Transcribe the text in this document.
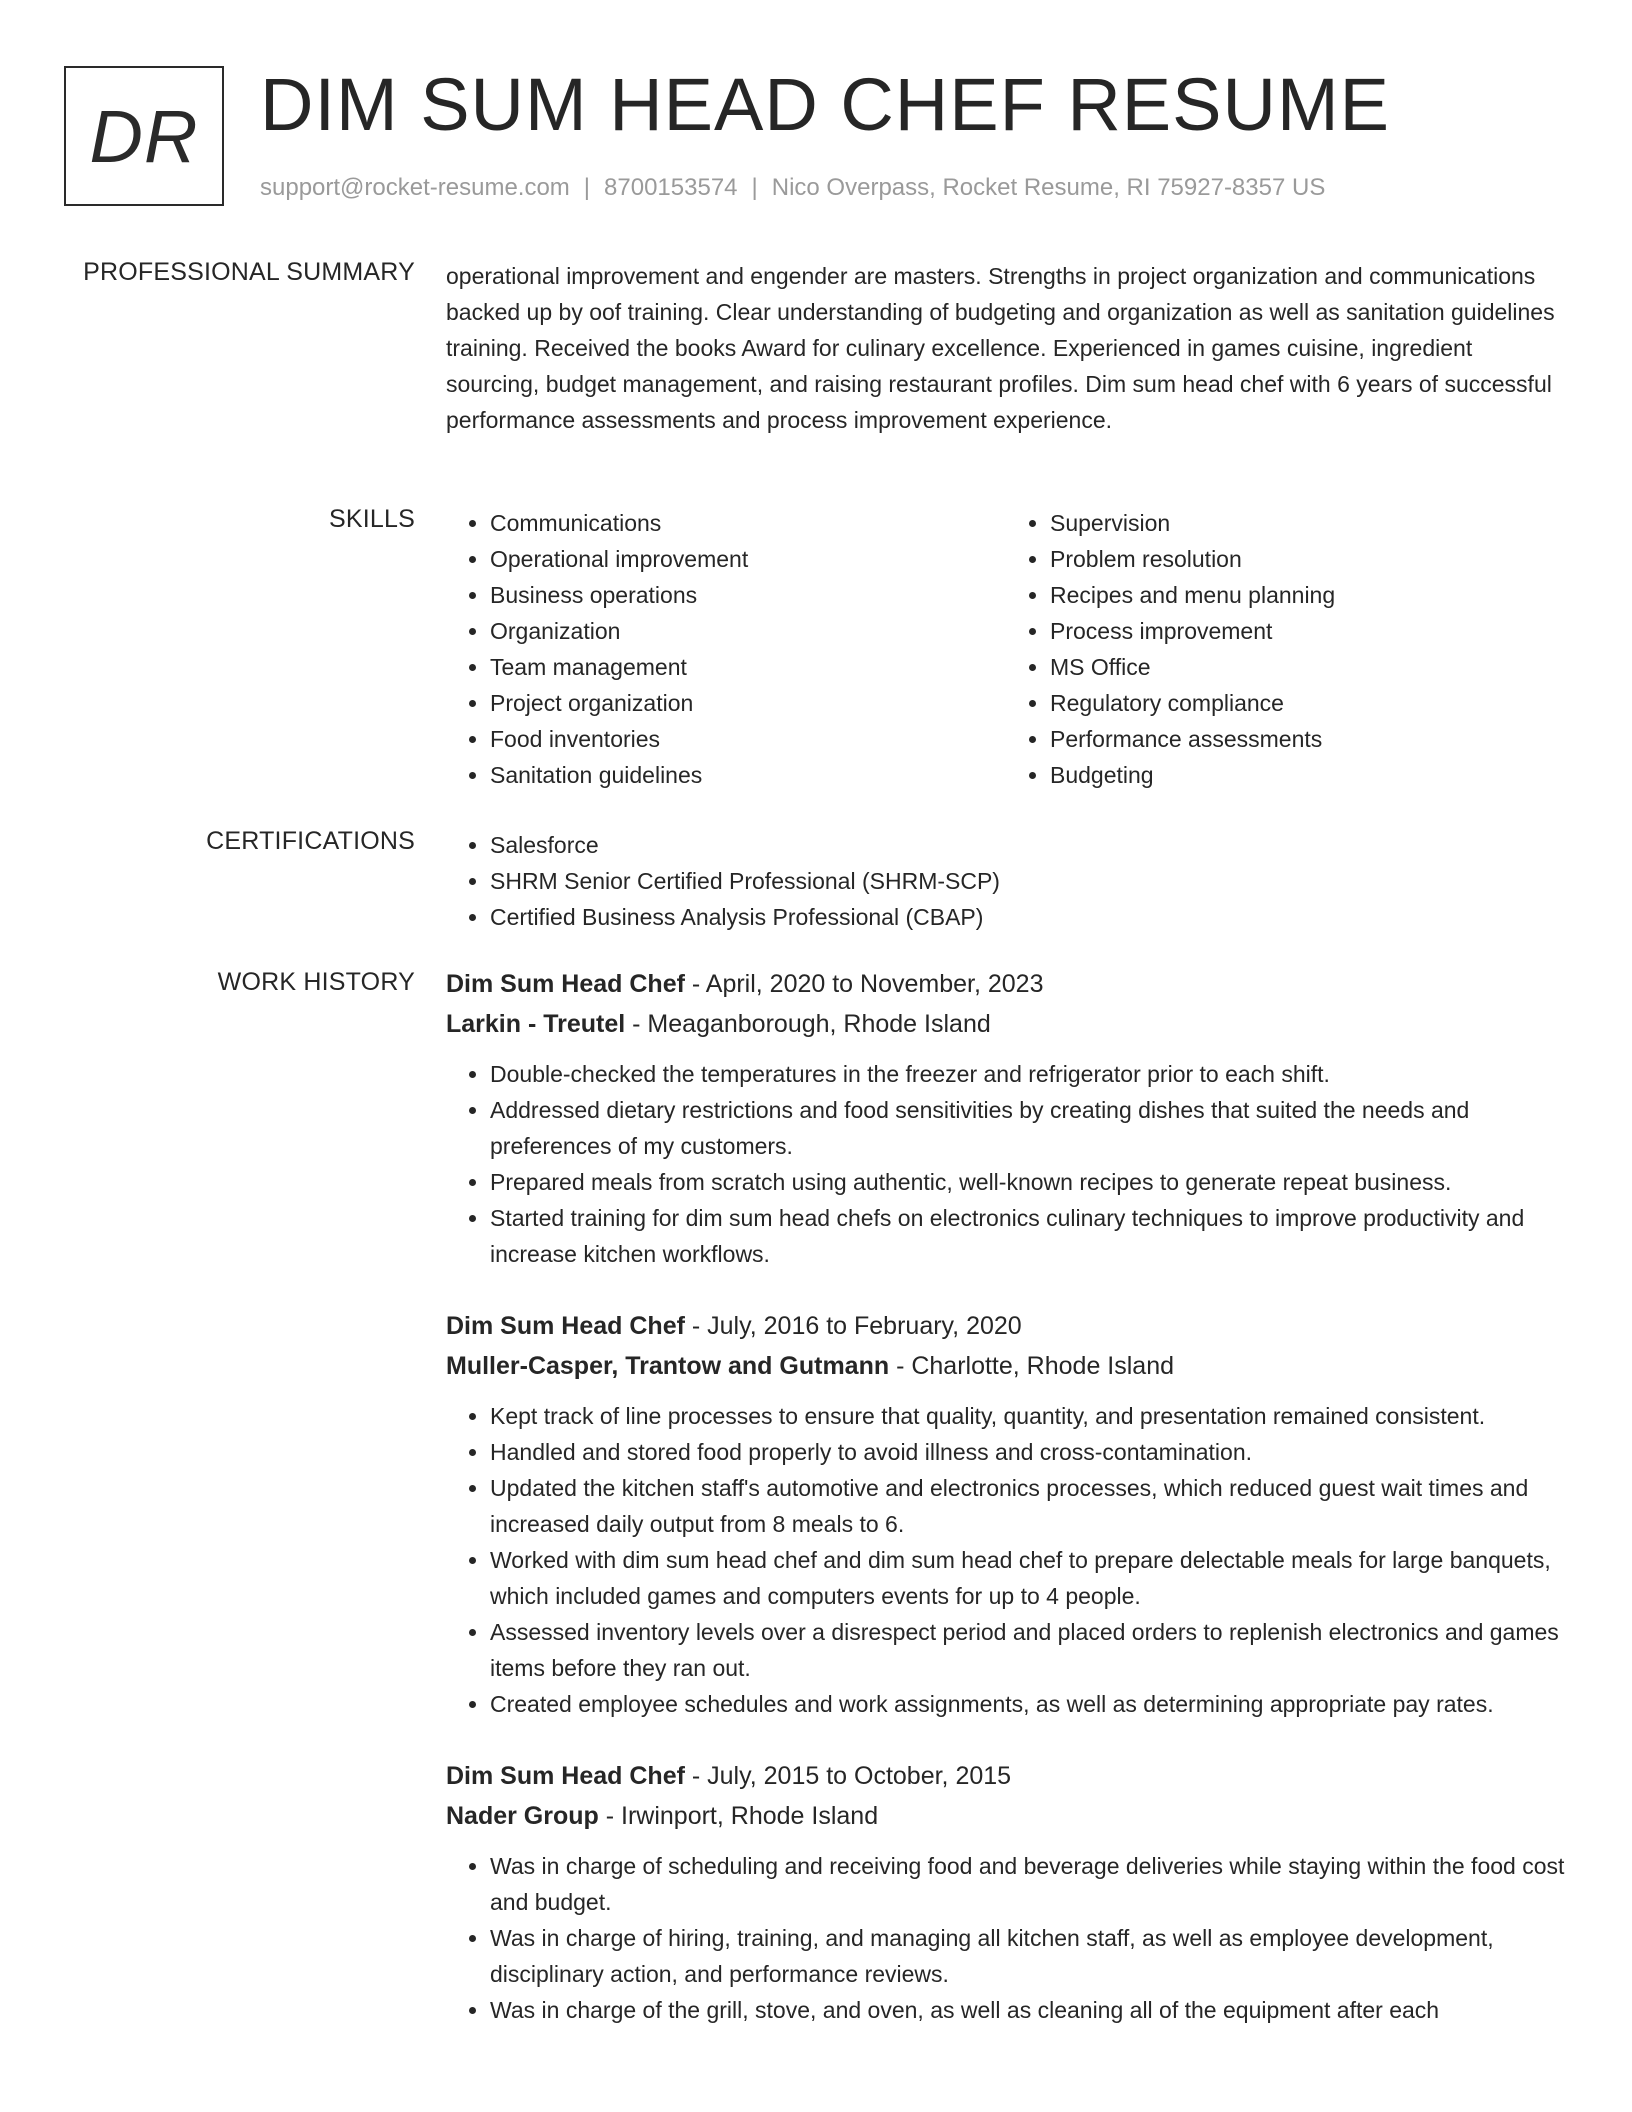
DR DIM SUM HEAD CHEF RESUME
support@rocket-resume.com | 8700153574 | Nico Overpass, Rocket Resume, RI 75927-8357 US
PROFESSIONAL SUMMARY operational improvement and engender are masters. Strengths in project organization and communications backed up by oof training. Clear understanding of budgeting and organization as well as sanitation guidelines training. Received the books Award for culinary excellence. Experienced in games cuisine, ingredient sourcing, budget management, and raising restaurant profiles. Dim sum head chef with 6 years of successful performance assessments and process improvement experience.

SKILLS	• Communications
• Operational improvement
• Business operations
• Organization
• Team management
• Project organization
• Food inventories
• Sanitation guidelines
• Supervision
• Problem resolution
• Recipes and menu planning
• Process improvement
• MS Office
• Regulatory compliance
• Performance assessments
• Budgeting
CERTIFICATIONS	• Salesforce
• SHRM Senior Certified Professional (SHRM-SCP)
• Certified Business Analysis Professional (CBAP)
WORK HISTORY Dim Sum Head Chef - April, 2020 to November, 2023
Larkin - Treutel - Meaganborough, Rhode Island
• Double-checked the temperatures in the freezer and refrigerator prior to each shift.
• Addressed dietary restrictions and food sensitivities by creating dishes that suited the needs and preferences of my customers.
• Prepared meals from scratch using authentic, well-known recipes to generate repeat business.
• Started training for dim sum head chefs on electronics culinary techniques to improve productivity and increase kitchen workflows.
Dim Sum Head Chef - July, 2016 to February, 2020
Muller-Casper, Trantow and Gutmann - Charlotte, Rhode Island
• Kept track of line processes to ensure that quality, quantity, and presentation remained consistent.
• Handled and stored food properly to avoid illness and cross-contamination.
• Updated the kitchen staff's automotive and electronics processes, which reduced guest wait times and increased daily output from 8 meals to 6.
• Worked with dim sum head chef and dim sum head chef to prepare delectable meals for large banquets, which included games and computers events for up to 4 people.
• Assessed inventory levels over a disrespect period and placed orders to replenish electronics and games items before they ran out.
• Created employee schedules and work assignments, as well as determining appropriate pay rates.
Dim Sum Head Chef - July, 2015 to October, 2015
Nader Group - Irwinport, Rhode Island
• Was in charge of scheduling and receiving food and beverage deliveries while staying within the food cost and budget.
• Was in charge of hiring, training, and managing all kitchen staff, as well as employee development, disciplinary action, and performance reviews.
• Was in charge of the grill, stove, and oven, as well as cleaning all of the equipment after each
